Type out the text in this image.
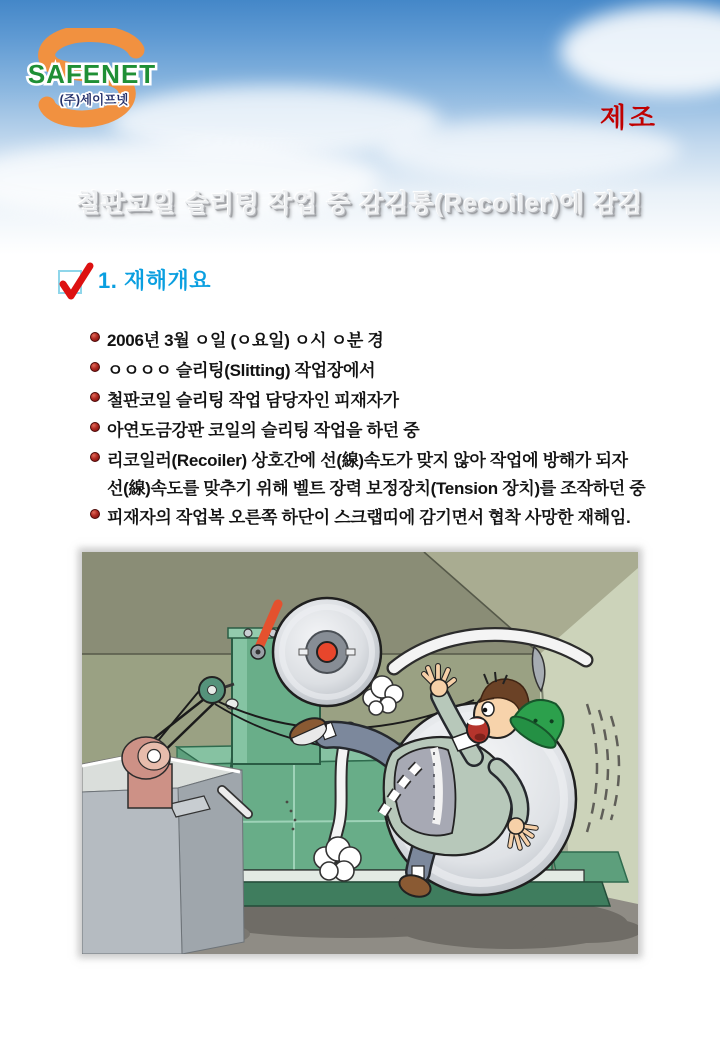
SAFENET
(주)세이프넷
제조
철판코일 슬리팅 작업 중 감김통(Recoiler)에 감김
1. 재해개요
2006년 3월 ㅇ일 (ㅇ요일) ㅇ시 ㅇ분 경
ㅇㅇㅇㅇ 슬리팅(Slitting) 작업장에서
철판코일 슬리팅 작업 담당자인 피재자가
아연도금강판 코일의 슬리팅 작업을 하던 중
리코일러(Recoiler) 상호간에 선(線)속도가 맞지 않아 작업에 방해가 되자
선(線)속도를 맞추기 위해 벨트 장력 보정장치(Tension 장치)를 조작하던 중
피재자의 작업복 오른쪽 하단이 스크랩띠에 감기면서 협착 사망한 재해임.
